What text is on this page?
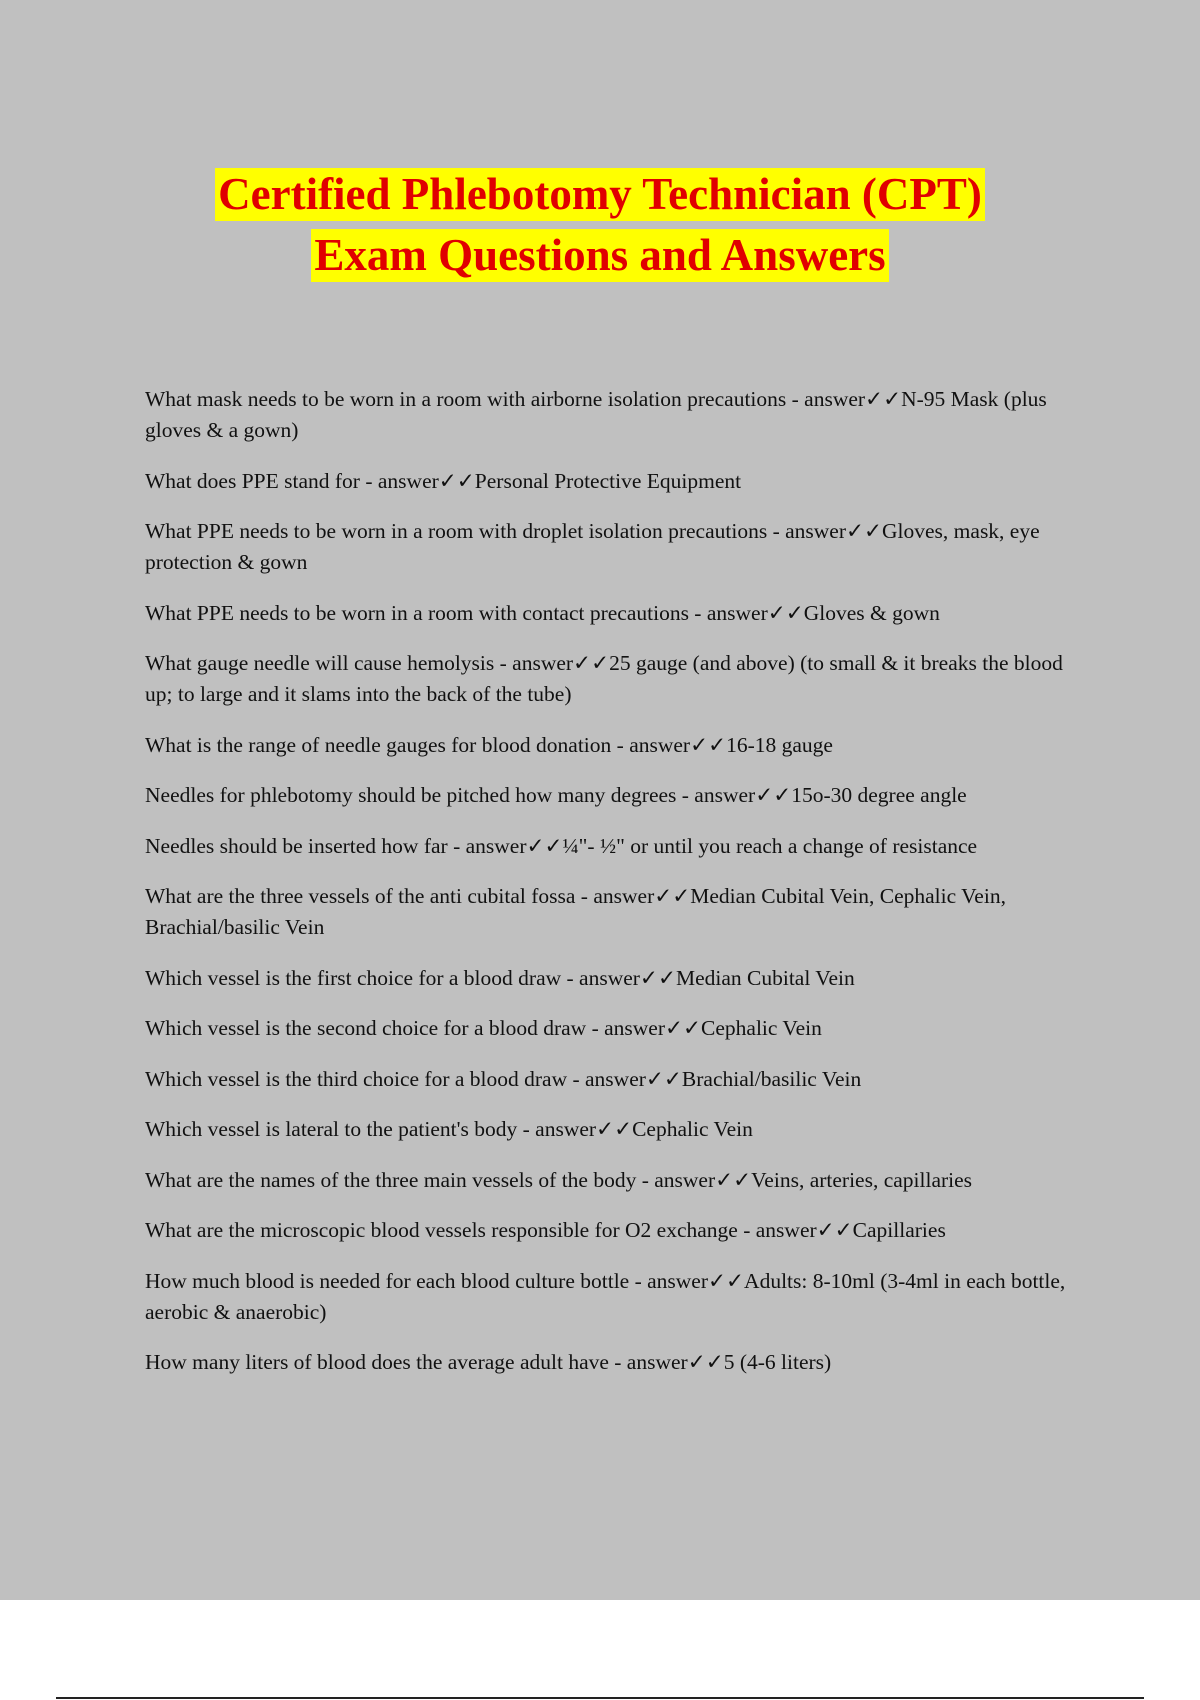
Certified Phlebotomy Technician (CPT)
Exam Questions and Answers
What mask needs to be worn in a room with airborne isolation precautions - answer✓✓N-95 Mask (plus gloves & a gown)
What does PPE stand for - answer✓✓Personal Protective Equipment
What PPE needs to be worn in a room with droplet isolation precautions - answer✓✓Gloves, mask, eye protection & gown
What PPE needs to be worn in a room with contact precautions - answer✓✓Gloves & gown
What gauge needle will cause hemolysis - answer✓✓25 gauge (and above) (to small & it breaks the blood up; to large and it slams into the back of the tube)
What is the range of needle gauges for blood donation - answer✓✓16-18 gauge
Needles for phlebotomy should be pitched how many degrees - answer✓✓15o-30 degree angle
Needles should be inserted how far - answer✓✓¼"- ½" or until you reach a change of resistance
What are the three vessels of the anti cubital fossa - answer✓✓Median Cubital Vein, Cephalic Vein, Brachial/basilic Vein
Which vessel is the first choice for a blood draw - answer✓✓Median Cubital Vein
Which vessel is the second choice for a blood draw - answer✓✓Cephalic Vein
Which vessel is the third choice for a blood draw - answer✓✓Brachial/basilic Vein
Which vessel is lateral to the patient's body - answer✓✓Cephalic Vein
What are the names of the three main vessels of the body - answer✓✓Veins, arteries, capillaries
What are the microscopic blood vessels responsible for O2 exchange - answer✓✓Capillaries
How much blood is needed for each blood culture bottle - answer✓✓Adults: 8-10ml (3-4ml in each bottle, aerobic & anaerobic)
How many liters of blood does the average adult have - answer✓✓5 (4-6 liters)
